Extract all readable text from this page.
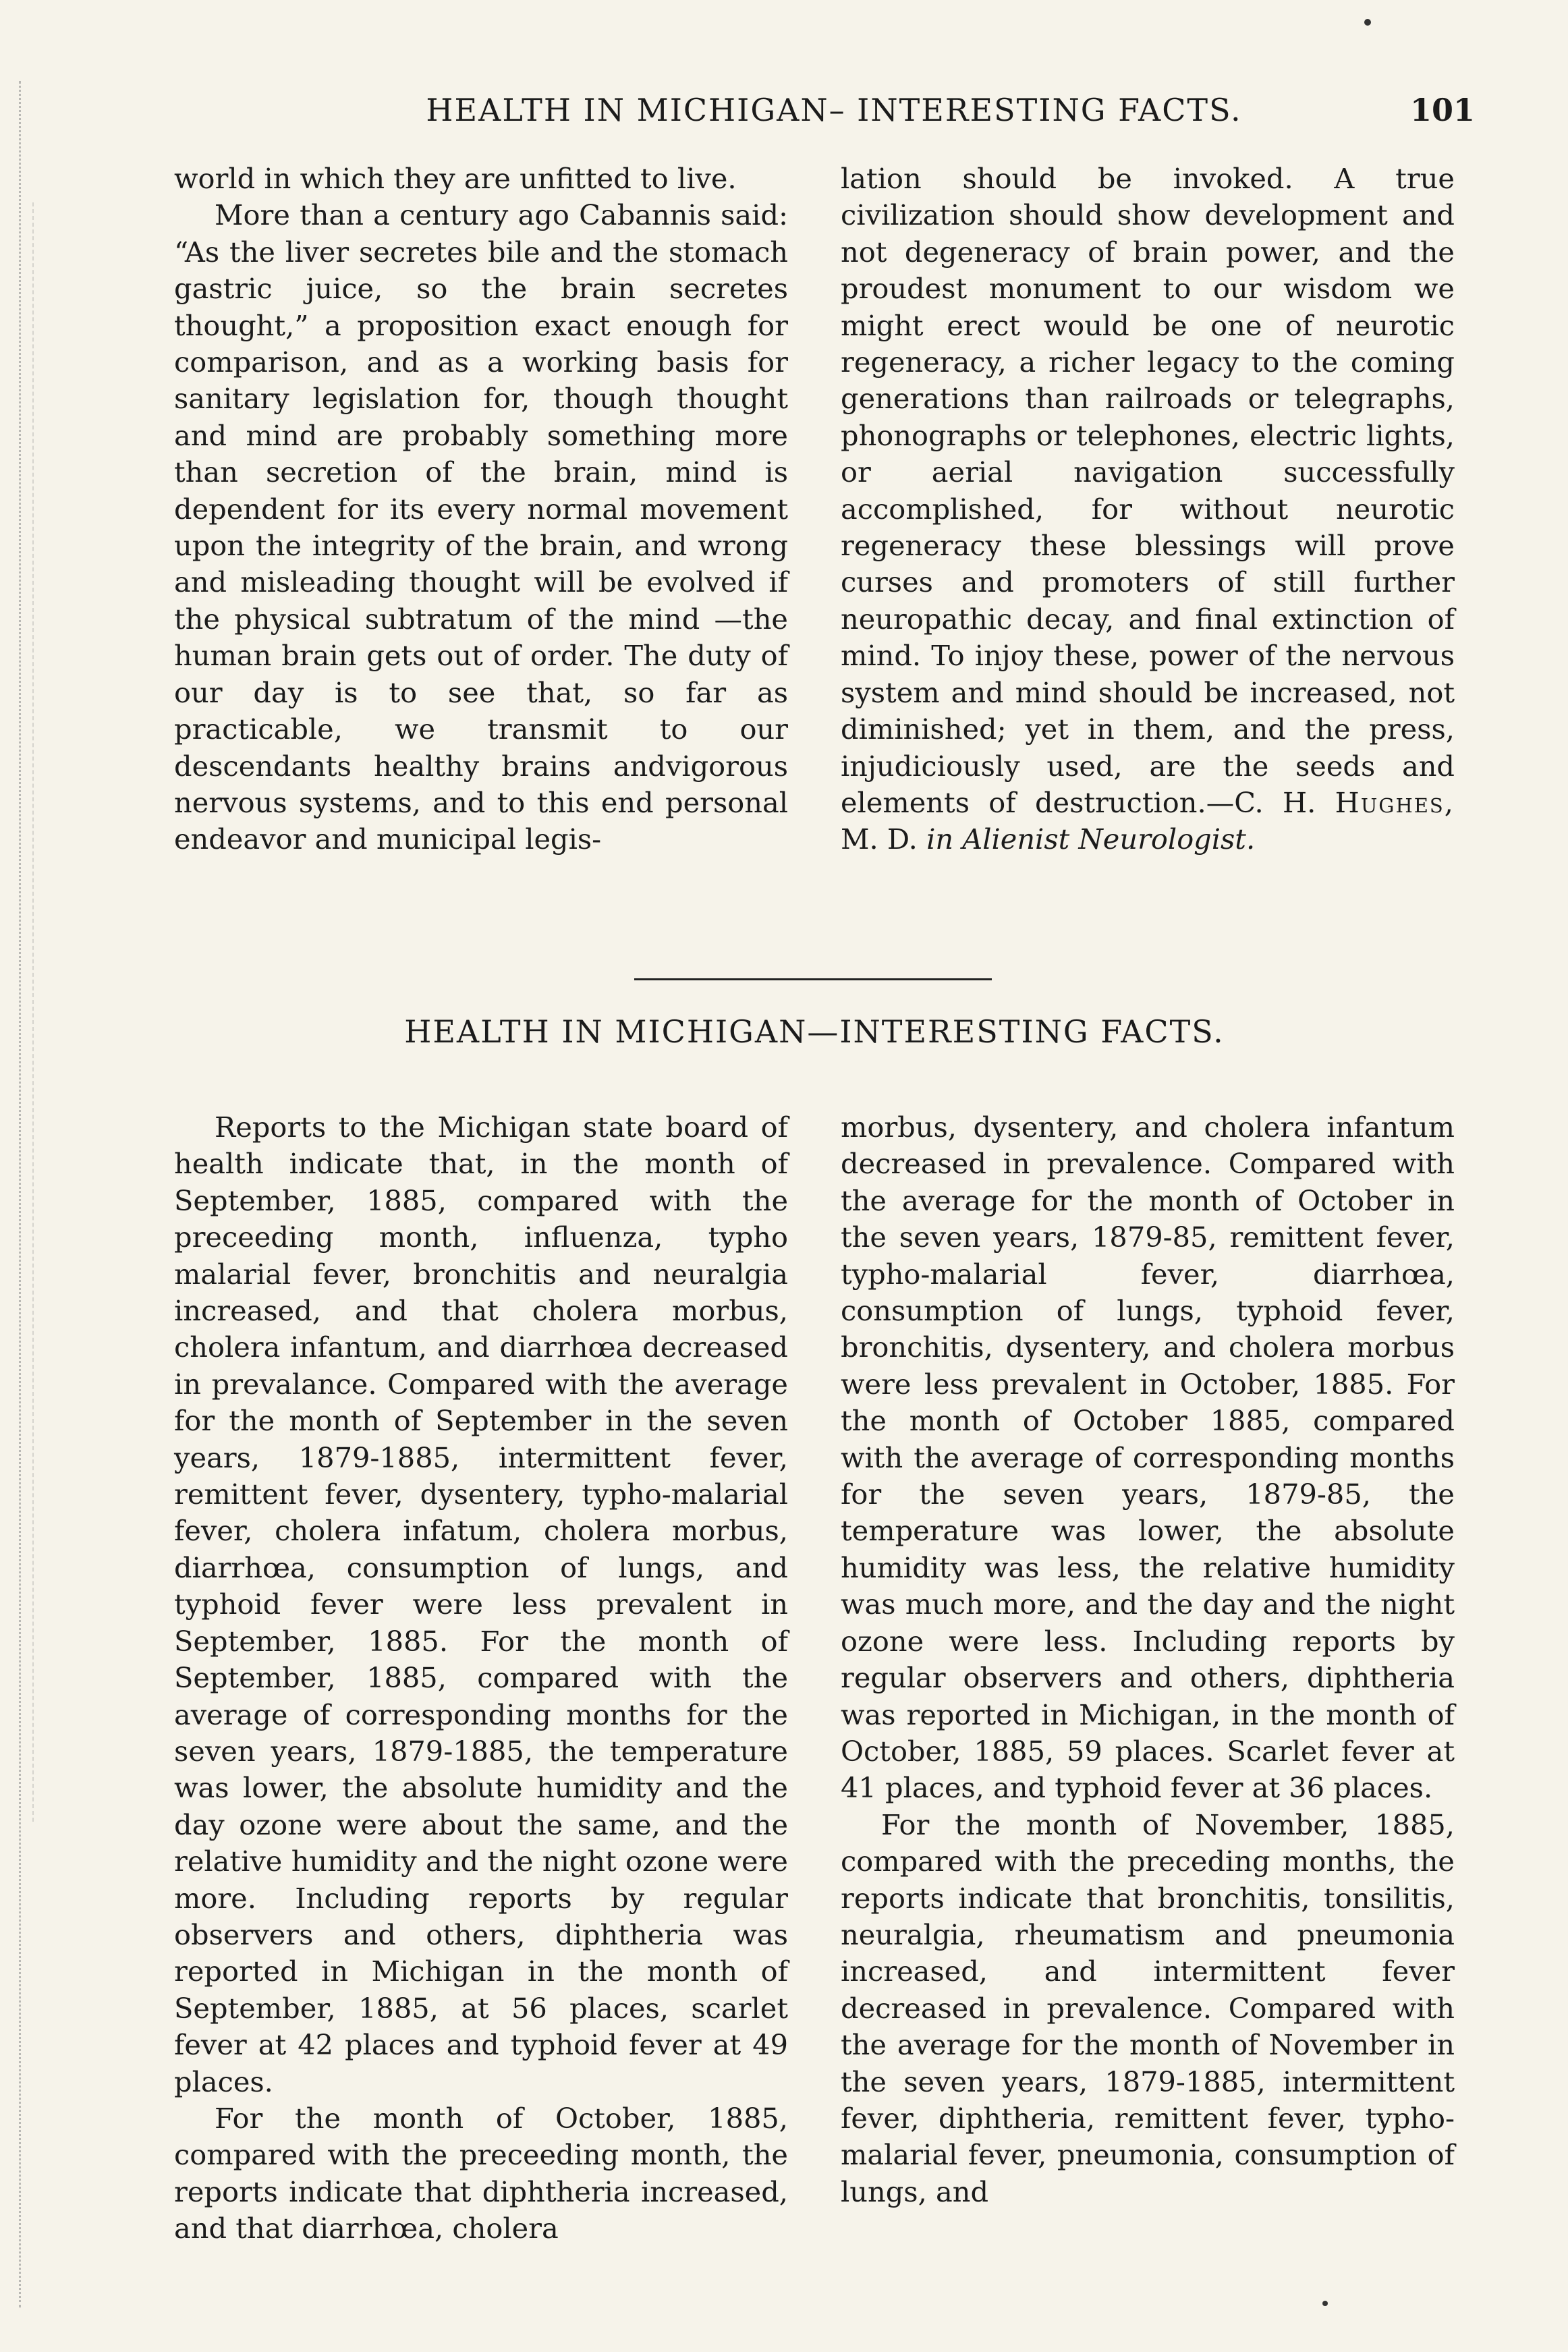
HEALTH IN MICHIGAN– INTERESTING FACTS.	101

world in which they are unfitted to live.

More than a century ago Cabannis said: “As the liver secretes bile and the stomach gastric juice, so the brain secretes thought,” a proposition exact enough for comparison, and as a working basis for sanitary legislation for, though thought and mind are probably something more than secretion of the brain, mind is dependent for its every normal movement upon the integrity of the brain, and wrong and misleading thought will be evolved if the physical subtratum of the mind —the human brain gets out of order. The duty of our day is to see that, so far as practicable, we transmit to our descendants healthy brains andvigorous nervous systems, and to this end personal endeavor and municipal legis-

lation should be invoked. A true civilization should show development and not degeneracy of brain power, and the proudest monument to our wisdom we might erect would be one of neurotic regeneracy, a richer legacy to the coming generations than railroads or telegraphs, phonographs or telephones, electric lights, or aerial navigation successfully accomplished, for without neurotic regeneracy these blessings will prove curses and promoters of still further neuropathic decay, and final extinction of mind. To injoy these, power of the nervous system and mind should be increased, not diminished; yet in them, and the press, injudiciously used, are the seeds and elements of destruction.—C. H. Hughes, M. D. in Alienist Neurologist.

HEALTH IN MICHIGAN—INTERESTING FACTS.

Reports to the Michigan state board of health indicate that, in the month of September, 1885, compared with the preceeding month, influenza, typho malarial fever, bronchitis and neuralgia increased, and that cholera morbus, cholera infantum, and diarrhœa decreased in prevalance. Compared with the average for the month of September in the seven years, 1879-1885, intermittent fever, remittent fever, dysentery, typho-malarial fever, cholera infatum, cholera morbus, diarrhœa, consumption of lungs, and typhoid fever were less prevalent in September, 1885. For the month of September, 1885, compared with the average of corresponding months for the seven years, 1879-1885, the temperature was lower, the absolute humidity and the day ozone were about the same, and the relative humidity and the night ozone were more. Including reports by regular observers and others, diphtheria was reported in Michigan in the month of September, 1885, at 56 places, scarlet fever at 42 places and typhoid fever at 49 places.

For the month of October, 1885, compared with the preceeding month, the reports indicate that diphtheria increased, and that diarrhœa, cholera

morbus, dysentery, and cholera infantum decreased in prevalence. Compared with the average for the month of October in the seven years, 1879-85, remittent fever, typho-malarial fever, diarrhœa, consumption of lungs, typhoid fever, bronchitis, dysentery, and cholera morbus were less prevalent in October, 1885. For the month of October 1885, compared with the average of corresponding months for the seven years, 1879-85, the temperature was lower, the absolute humidity was less, the relative humidity was much more, and the day and the night ozone were less. Including reports by regular observers and others, diphtheria was reported in Michigan, in the month of October, 1885, 59 places. Scarlet fever at 41 places, and typhoid fever at 36 places.

For the month of November, 1885, compared with the preceding months, the reports indicate that bronchitis, tonsilitis, neuralgia, rheumatism and pneumonia increased, and intermittent fever decreased in prevalence. Compared with the average for the month of November in the seven years, 1879-1885, intermittent fever, diphtheria, remittent fever, typho-malarial fever, pneumonia, consumption of lungs, and
